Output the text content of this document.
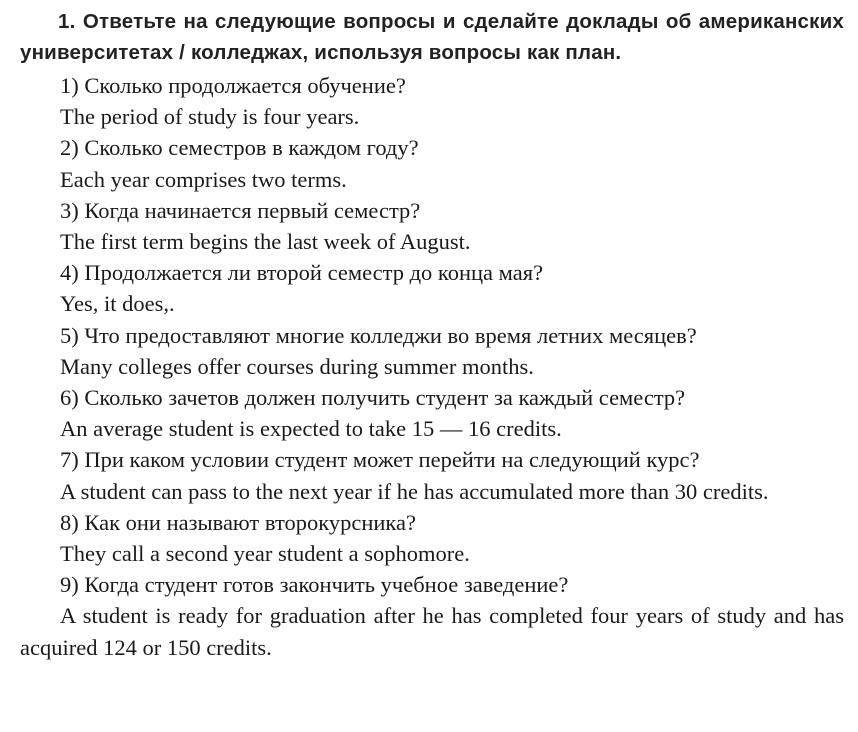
1. Ответьте на следующие вопросы и сделайте доклады об американских университетах / колледжах, используя вопросы как план.

1) Сколько продолжается обучение?

The period of study is four years.

2) Сколько семестров в каждом году?

Each year comprises two terms.

3) Когда начинается первый семестр?

The first term begins the last week of August.

4) Продолжается ли второй семестр до конца мая?

Yes, it does,.

5) Что предоставляют многие колледжи во время летних месяцев?

Many colleges offer courses during summer months.

6) Сколько зачетов должен получить студент за каждый семестр?

An average student is expected to take 15 — 16 credits.

7) При каком условии студент может перейти на следующий курс?

A student can pass to the next year if he has accumulated more than 30 credits.

8) Как они называют второкурсника?

They call a second year student a sophomore.

9) Когда студент готов закончить учебное заведение?

A student is ready for graduation after he has completed four years of study and has acquired 124 or 150 credits.
